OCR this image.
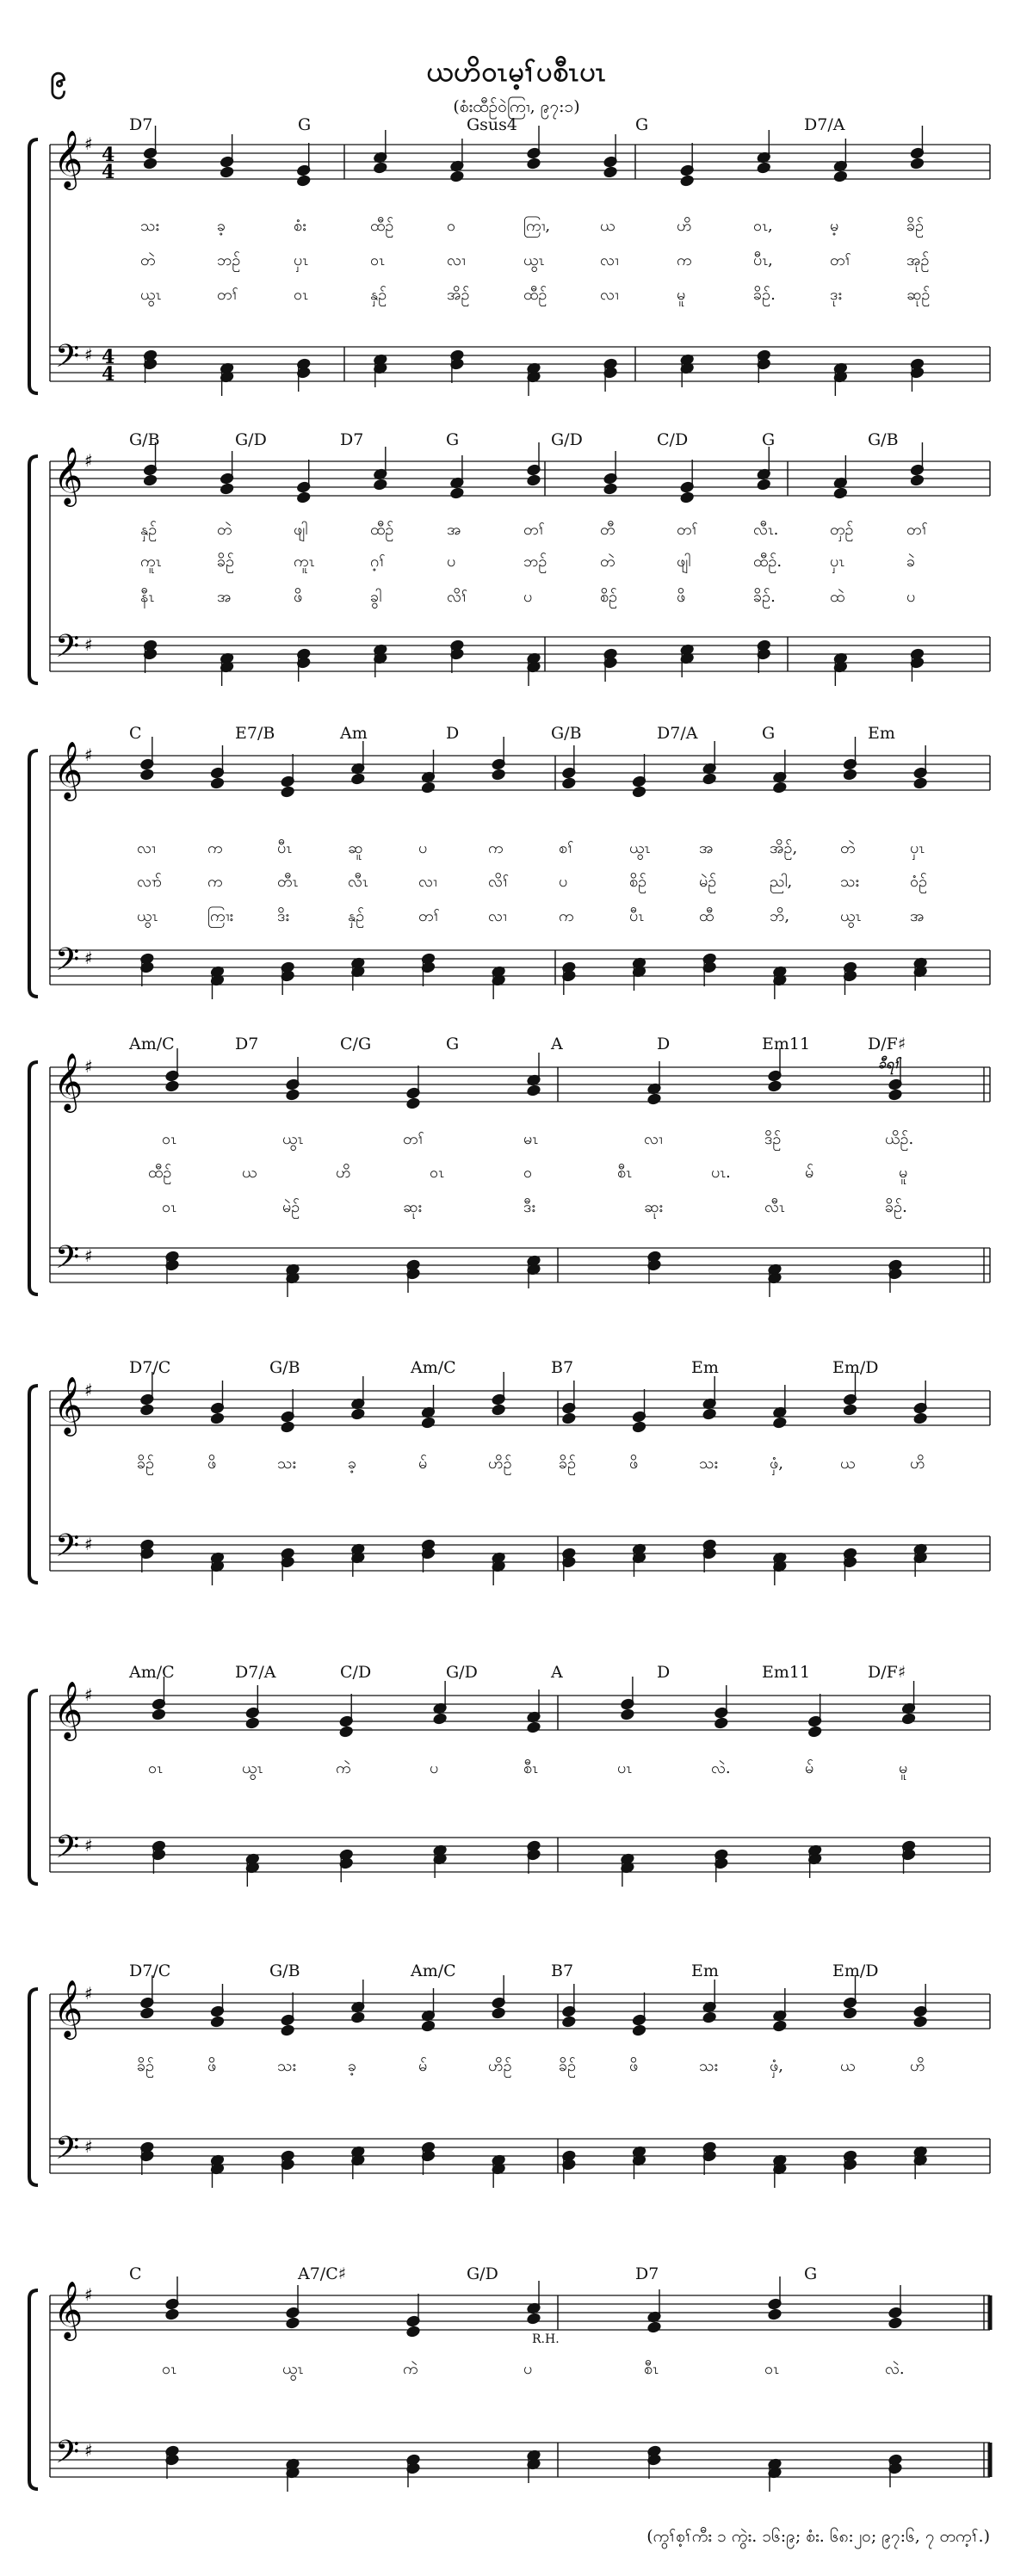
၉	ယဟိဝၤမ့ၢ်ပစီၤပၤ
(စံးထီဉ်ဝဲကြၢ, ၉၇:၁)
ခီရၢ်
R.H.
(ကွၢ်စ့ၢ်ကီး ၁ ကွဲး. ၁၆:၉; စံး. ၆၈:၂၀; ၉၇:၆, ၇ တက့ၢ်.)
𝄞
𝄢
♯
♯
4
4
4
4
𝄞
𝄢
♯
♯
𝄞
𝄢
♯
♯
𝄞
𝄢
♯
♯
𝄞
𝄢
♯
♯
𝄞
𝄢
♯
♯
𝄞
𝄢
♯
♯
𝄞
𝄢
♯
♯
D7	G	Gsus4	G	D7/A
သး	ခ့	စံး	ထီဉ်	ဝ	ကြၢ,	ယ	ဟိ	ဝၤ,	မ့	ခိဉ်
တဲ	ဘဉ်	ပှၤ	ဝၤ	လၢ	ယွၤ	လၢ	က	ပီၤ,	တၢ်	အုဉ်
ယွၤ	တၢ်	ဝၤ	နှဉ်	အိဉ်	ထီဉ်	လၢ	မူ	ခိဉ်.	ဒုး	ဆုဉ်
G/B	G/D	D7	G	G/D	C/D	G	G/B
နှဉ်	တဲ	ဖျါ	ထီဉ်	အ	တၢ်	တီ	တၢ်	လီၤ.	တှဉ်	တၢ်
ကူၤ	ခိဉ်	ကူၤ	ဂ့ၢ်	ပ	ဘဉ်	တဲ	ဖျါ	ထီဉ်.	ပှၤ	ခဲ
နီၤ	အ	ဖိ	ခွါ	လိၢ်	ပ	စိဉ်	ဖိ	ခိဉ်.	ထဲ	ပ
C	E7/B	Am	D	G/B	D7/A	G	Em
လၢ	က	ပီၤ	ဆူ	ပ	က	စၢ်	ယွၤ	အ	အိဉ်,	တဲ	ပှၤ
လၢာ်	က	တီၤ	လီၤ	လၢ	လိၢ်	ပ	စိဉ်	မဲဉ်	ညါ,	သး	ဝံဉ်
ယွၤ	ကြၢး	ဒိး	နှဉ်	တၢ်	လၢ	က	ပီၤ	ထီ	ဘိ,	ယွၤ	အ
Am/C	D7	C/G	G	A	D	Em11	D/F♯
ဝၤ	ယွၤ	တၢ်	မၤ	လၢ	ဒိဉ်	ယိဉ်.
ထီဉ်	ယ	ဟိ	ဝၤ	ဝ	စီၤ	ပၤ.	မ်	မူ
ဝၤ	မဲဉ်	ဆုး	ဒီး	ဆုး	လီၤ	ခိဉ်.
D7/C	G/B	Am/C	B7	Em	Em/D
ခိဉ်	ဖိ	သး	ခ့	မ်	ဟိဉ်	ခိဉ်	ဖိ	သး	ဖှံ,	ယ	ဟိ
Am/C	D7/A	C/D	G/D	A	D	Em11	D/F♯
ဝၤ	ယွၤ	ကဲ	ပ	စီၤ	ပၤ	လဲ.	မ်	မူ
D7/C	G/B	Am/C	B7	Em	Em/D
ခိဉ်	ဖိ	သး	ခ့	မ်	ဟိဉ်	ခိဉ်	ဖိ	သး	ဖှံ,	ယ	ဟိ
C	A7/C♯	G/D	D7	G
ဝၤ	ယွၤ	ကဲ	ပ	စီၤ	ဝၤ	လဲ.
